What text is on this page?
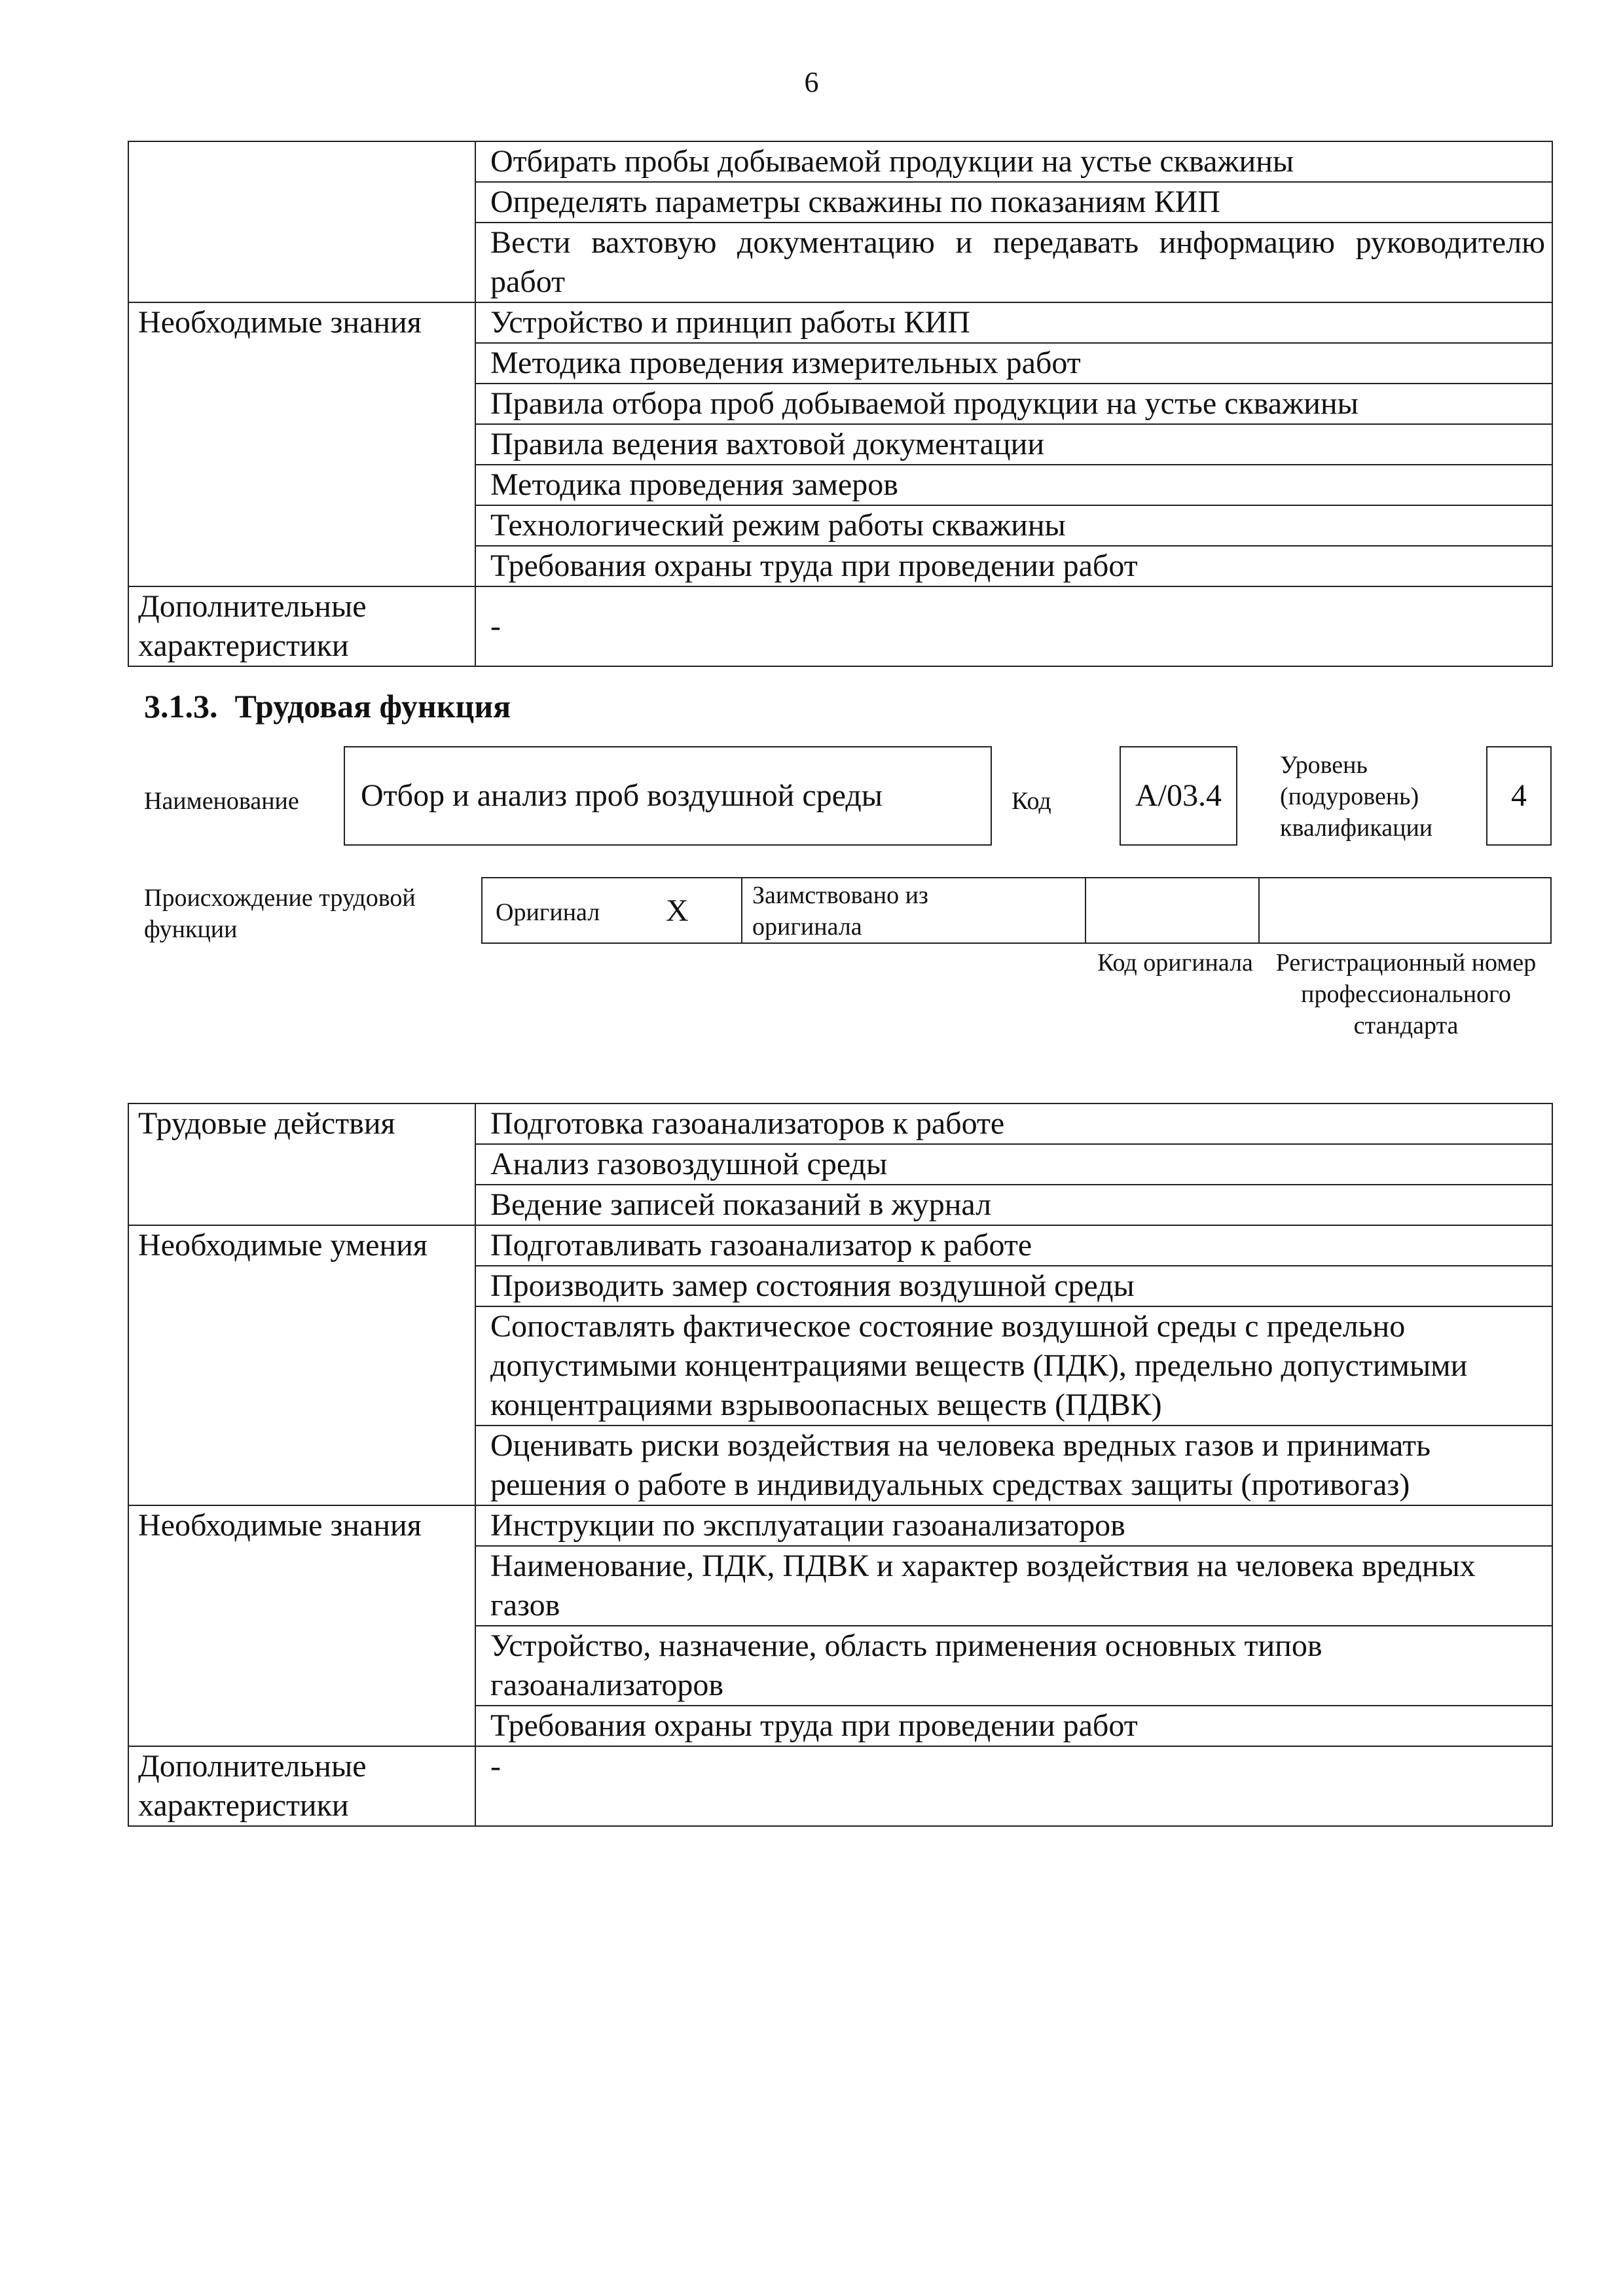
6
	Отбирать пробы добываемой продукции на устье скважины
	Определять параметры скважины по показаниям КИП
	Вести вахтовую документацию и передавать информацию руководителю работ
Необходимые знания	Устройство и принцип работы КИП
	Методика проведения измерительных работ
	Правила отбора проб добываемой продукции на устье скважины
	Правила ведения вахтовой документации
	Методика проведения замеров
	Технологический режим работы скважины
	Требования охраны труда при проведении работ
Дополнительные характеристики	-
3.1.3. Трудовая функция
Наименование Отбор и анализ проб воздушной среды	Код	А/03.4
Уровень (подуровень) квалификации
4
Происхождение трудовой функции
Оригинал X	Заимствовано из оригинала
Код оригинала Регистрационный номер профессионального стандарта
Трудовые действия	Подготовка газоанализаторов к работе
	Анализ газовоздушной среды
	Ведение записей показаний в журнал
Необходимые умения	Подготавливать газоанализатор к работе
	Производить замер состояния воздушной среды
	Сопоставлять фактическое состояние воздушной среды с предельно допустимыми концентрациями веществ (ПДК), предельно допустимыми концентрациями взрывоопасных веществ (ПДВК)
	Оценивать риски воздействия на человека вредных газов и принимать решения о работе в индивидуальных средствах защиты (противогаз)
Необходимые знания	Инструкции по эксплуатации газоанализаторов
	Наименование, ПДК, ПДВК и характер воздействия на человека вредных газов
	Устройство, назначение, область применения основных типов газоанализаторов
	Требования охраны труда при проведении работ
Дополнительные характеристики	-
